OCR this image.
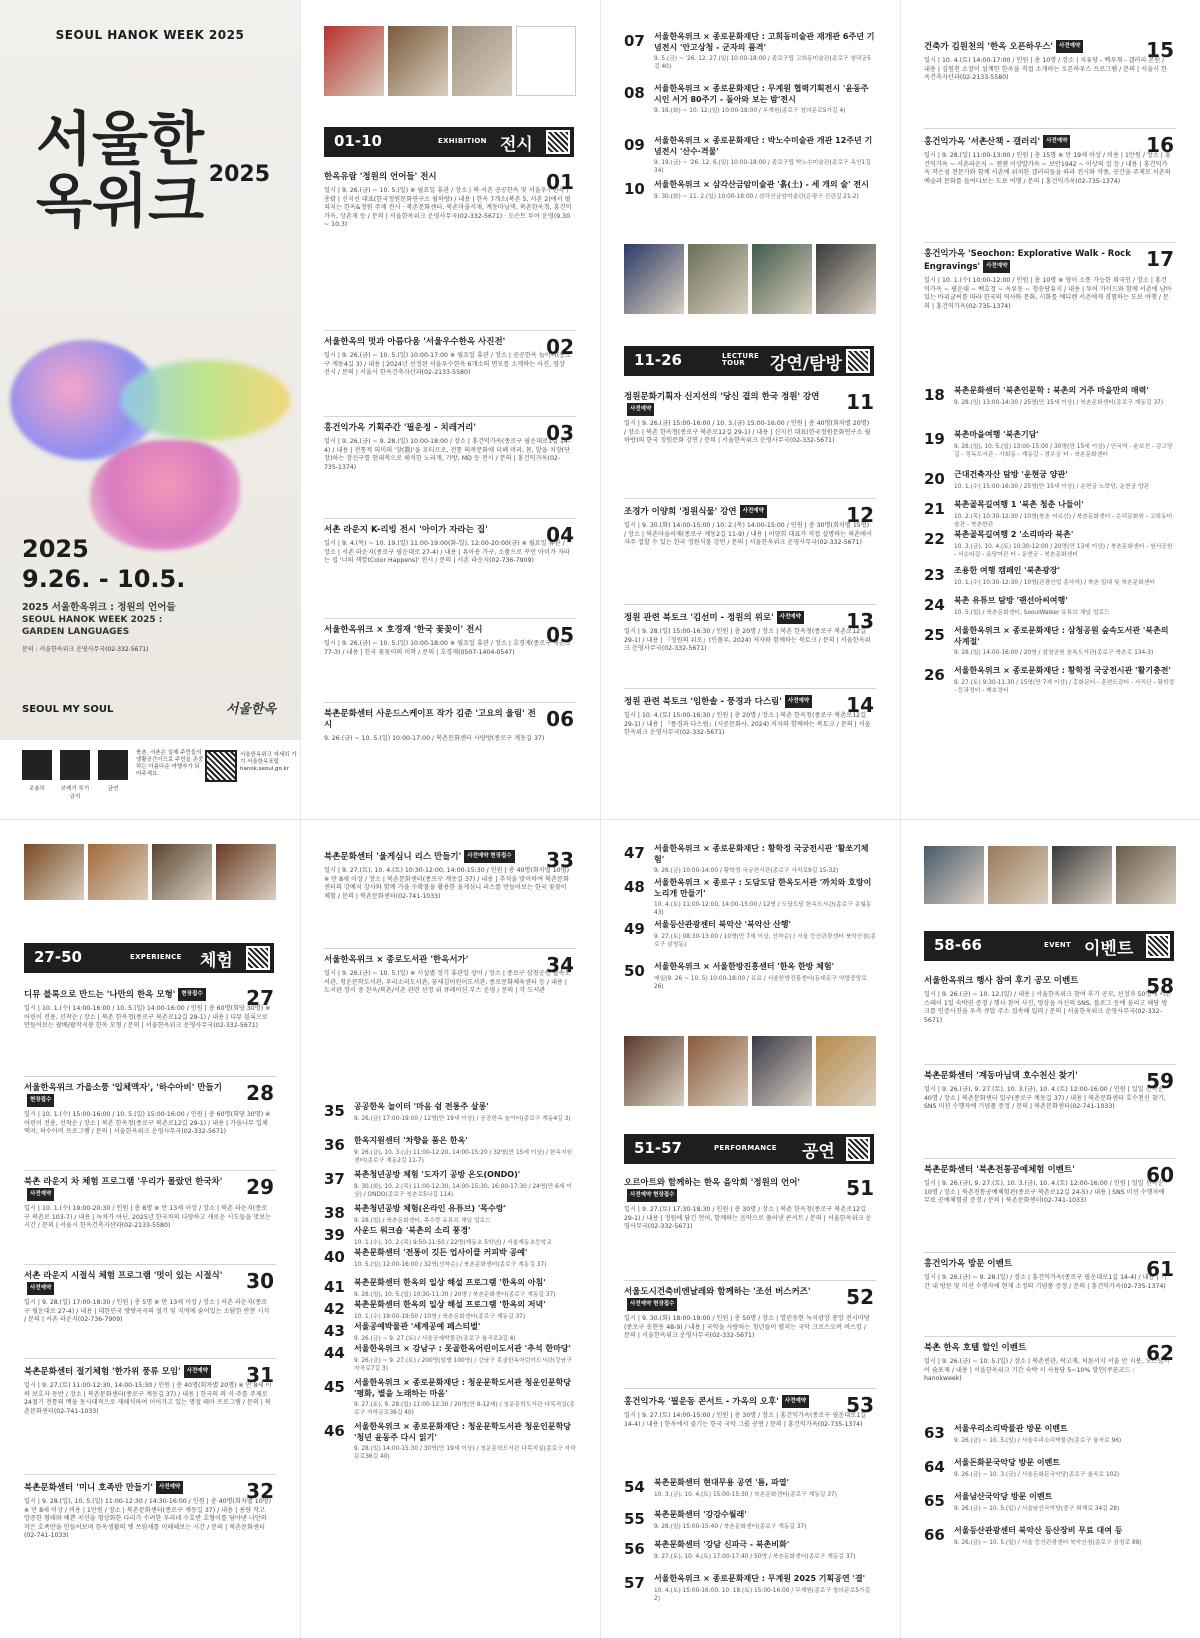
SEOUL HANOK WEEK 2025
서울한옥위크 2025
2025
9.26. - 10.5.
2025 서울한옥위크 : 정원의 언어들
SEOUL HANOK WEEK 2025 :
GARDEN LANGUAGES
문의 : 서울한옥위크 운영사무국(02-332-5671)
SEOUL MY SOUL	서울한옥
조용히	쓰레기 투기 금지
금연
북촌, 서촌은 실제 주민들의 생활공간이므로 주민을 존중하는 아름다운 여행자가 되어주세요.
서울한옥위크 자세히 가기 서울한옥포털 hanok.seoul.go.kr
01-10	EXHIBITION 전시
01
한옥유람 '정원의 언어들' 전시
일시 | 9. 26.(금) ~ 10. 5.(일) ※ 월요일 휴관 / 장소 | 북·서촌 공공한옥 및 서울우수한옥 / 총괄 | 신지선 대표(한국정원문화연구소 월하랑) / 내용 | 한옥 7개소(북촌 5, 서촌 2)에서 펼쳐지는 한옥&정원 주제 전시 · 북촌문화센터, 북촌마을서재, 계동마님댁, 북촌한옥청, 홍건익가옥, 상촌재 등 / 문의 | 서울한옥위크 운영사무국(02-332-5671) · 도슨트 투어 운영(9.30 ~ 10.3)
02
서울한옥의 멋과 아름다움 '서울우수한옥 사진전'
일시 | 9. 26.(금) ~ 10. 5.(일) 10:00-17:00 ※ 월요일 휴관 / 장소 | 공공한옥 놀이터(종로구 계동4길 3) / 내용 | 2024년 선정된 서울우수한옥 6개소의 면모를 소개하는 사진, 영상 전시 / 문의 | 서울시 한옥건축자산과(02-2133-5580)
03
홍건익가옥 기획주간 '필운정 - 치레거리'
일시 | 9. 26.(금) ~ 9. 28.(일) 10:00-18:00 / 장소 | 홍건익가옥(종로구 필운대로1길 14-4) / 내용 | 전통적 의미의 '장(醬)'을 모티프로, 전통 의복문화에 더해 머리, 몸, 발을 치장(단장)하는 장신구를 현대적으로 해석한 노리개, 가방, MD 등 전시 / 문의 | 홍건익가옥(02-735-1374)
04
서촌 라운지 K-리빙 전시 '아이가 자라는 집'
일시 | 9. 4.(목) ~ 10. 19.(일) 11:00-19:00(화-일), 12:00-20:00(금) ※ 월요일 휴관 / 장소 | 서촌 라운지(종로구 필운대로 27-4) / 내용 | 유아용 가구, 소품으로 꾸민 아이가 자라는 집 '너의 색깔(Color Happens)' 전시 / 문의 | 서촌 라운지(02-736-7909)
05
서울한옥위크 × 호경재 '한국 꽃꽂이' 전시
일시 | 9. 26.(금) ~ 10. 5.(일) 10:00-18:00 ※ 월요일 휴관 / 장소 | 호경재(종로구 북촌로 77-3) / 내용 | 한국 꽃꽂이의 미학 / 문의 | 호경재(0507-1404-0547)
06
북촌문화센터 사운드스케이프 작가 김준 '고요의 울림' 전시
9. 26.(금) ~ 10. 5.(일) 10:00-17:00 / 북촌문화센터 사랑방(종로구 계동길 37)
07 서울한옥위크 × 종로문화재단 : 고희동미술관 재개관 6주년 기념전시 '안고상청 - 군자의 품격'
9. 5.(금) ~ '26. 12. 27.(일) 10:00-18:00 / 종로구립 고희동미술관(종로구 창덕궁5길 40)
08 서울한옥위크 × 종로문화재단 : 무계원 협력기획전시 '윤동주 시인 서거 80주기 - 돌아와 보는 밤'전시
9. 16.(화) ~ 10. 12.(일) 10:00-18:00 / 무계원(종로구 창의문로5가길 4)
09 서울한옥위크 × 종로문화재단 : 박노수미술관 개관 12주년 기념전시 '산수·격물'
9. 19.(금) ~ '26. 12. 6.(일) 10:00-18:00 / 종로구립 박노수미술관(종로구 옥인1길 34)
10 서울한옥위크 × 삼각산금암미술관 '흙(土) - 세 개의 술' 전시
9. 30.(화) ~ 11. 2.(일) 10:00-18:00 / 삼각산금암미술관(은평구 진관길 21-2)
11-26	LECTURE TOUR	강연/탐방
11
정원문화기획자 신지선의 '당신 곁의 한국 정원' 강연사전예약
일시 | 9. 26.(금) 15:00-16:00 / 10. 3.(금) 15:00-16:00 / 인원 | 총 40명(회차별 20명) / 장소 | 북촌 한옥청(종로구 북촌로12길 29-1) / 내용 | 신지선 대표(한국정원문화연구소 월하랑)의 한국 정원문화 강연 / 문의 | 서울한옥위크 운영사무국(02-332-5671)
12
조경가 이양희 '정원식물' 강연 사전예약
일시 | 9. 30.(화) 14:00-15:00 / 10. 2.(목) 14:00-15:00 / 인원 | 총 30명(회차별 15명) / 장소 | 북촌마을서재(종로구 계동2길 11-9) / 내용 | 이양희 대표가 직접 설명하는 북촌에서 자주 접할 수 있는 한국 정원식물 강연 / 문의 | 서울한옥위크 운영사무국(02-332-5671)
13
정원 관련 북토크 '김선미 - 정원의 위로' 사전예약
일시 | 9. 28.(일) 15:00-16:30 / 인원 | 총 20명 / 장소 | 북촌 한옥청(종로구 북촌로12길 29-1) / 내용 | 『정원의 위로』(인플루, 2024) 저자와 함께하는 북토크 / 문의 | 서울한옥위크 운영사무국(02-332-5671)
14
정원 관련 북토크 '임한솔 - 풍경과 다스림' 사전예약
일시 | 10. 4.(토) 15:00-16:30 / 인원 | 총 20명 / 장소 | 북촌 한옥청(종로구 북촌로12길 29-1) / 내용 | 『풍경과 다스림』(시공문화사, 2024) 저자와 함께하는 북토크 / 문의 | 서울한옥위크 운영사무국(02-332-5671)
15
건축가 김원천의 '한옥 오픈하우스' 사전예약
일시 | 10. 4.(토) 14:00-17:00 / 인원 | 총 10명 / 장소 | 지유당 - 백우재 - 갤러리 몬원 / 내용 | 김원천 소장이 설계한 한옥을 직접 소개하는 오픈하우스 프로그램 / 문의 | 서울시 한옥건축자산과(02-2133-5580)
16
홍건익가옥 '서촌산책 - 갤러리' 사전예약
일시 | 9. 28.(일) 11:00-13:00 / 인원 | 총 15명 ※ 만 19세 이상 / 비용 | 1만원 / 장소 | 홍건익가옥 ~ 서촌라운지 ~ 젠젠 이상발가옥 ~ 보안1942 ~ 이상의 집 등 / 내용 | 홍건익가옥 작은섬 전문가와 함께 서촌에 위치한 갤러리들을 따라 전시와 작품, 공간을 주제로 서촌의 예술과 문화를 들여다보는 도보 여행 / 문의 | 홍건익가옥(02-735-1374)
17
홍건익가옥 'Seochon: Explorative Walk - Rock Engravings' 사전예약
일시 | 10. 1.(수) 10:00-12:00 / 인원 | 총 10명 ※ 영어 소통 가능한 외국인 / 장소 | 홍건익가옥 ~ 필운대 ~ 백호정 ~ 옥류동 ~ 청송당유지 / 내용 | 투어 가이드와 함께 서촌에 남아있는 바위글씨를 따라 한국의 역사와 문화, 시화를 예디렌 서촌에게 경험하는 도보 여행 / 문의 | 홍건익가옥(02-735-1374)
18 북촌문화센터 '북촌인문학 : 북촌의 거주 마을만의 매력'
9. 28.(일) 13:00-14:30 / 25명(만 15세 이상) / 북촌문화센터(종로구 계동길 37)
19 북촌마을여행 '북촌기담'
9. 28.(일), 10. 5.(일) 13:00-15:00 / 30명(만 15세 이상) / 안국역 - 윤보선 - 감고당길 - 정독도서관 - 가회동 - 계동길 - 경우궁 터 - 북촌문화센터
20 근대건축자산 탐방 '운현궁 양관'
10. 1.(수) 15:00-16:30 / 25명(만 15세 이상) / 운현궁 노락당, 운현궁 양관
21 북촌골목길여행 1 '북촌 청춘 나들이'
10. 2.(목) 10:30-12:30 / 10명(북촌 어르신) / 북촌문화센터 - 은덕문화원 - 고희동미술관 - 북촌한관
22 북촌골목길여행 2 '소리따라 북촌'
10. 3.(금), 10. 4.(토) 10:30-12:00 / 20명(만 13세 이상) / 북촌문화센터 - 원서공원 - 서순라길 - 운당여관 터 - 운현궁 - 북촌문화센터
23 조용한 여행 캠페인 '북촌광장'
10. 1.(수) 10:30-12:30 / 10명(관광산업 종사자) / 북촌 일대 및 북촌문화센터
24 북촌 유튜브 탐방 '랜선아씨여행'
10. 5.(일) / 북촌문화센터, SeoulWalker 유튜브 채널 업로드
25 서울한옥위크 × 종로문화재단 : 삼청공원 숲속도서관 '북촌의 사계절'
9. 28.(일) 14:00-16:00 / 20명 / 삼청공원 숲속도서관(종로구 북촌로 134-3)
26 서울한옥위크 × 종로문화재단 : 황학정 국궁전시관 '활기충전'
9. 27.(토) 9:30-11:30 / 15명(만 7세 이상) / 홍화문터 - 훈련도감터 - 사직단 - 황학정 - 등과정터 - 백호정터
27-50	EXPERIENCE 체험
27
디뮤 블록으로 만드는 '나만의 한옥 모형' 현장접수
일시 | 10. 1.(수) 14:00-16:00 / 10. 5.(일) 14:00-16:00 / 인원 | 총 60명(회당 30명) ※ 어린이 전용, 선착순 / 장소 | 북촌 한옥청(종로구 북촌로12길 29-1) / 내용 | 디뮤 블록으로 만들어보는 팔베/팔작지붕 한옥 모형 / 문의 | 서울한옥위크 운영사무국(02-332-5671)
28
서울한옥위크 가을소풍 '입체액자', '하수아비' 만들기현장접수
일시 | 10. 1.(수) 15:00-16:00 / 10. 5.(일) 15:00-16:00 / 인원 | 총 60명(회당 30명) ※ 어린이 전용, 선착순 / 장소 | 북촌 한옥청(종로구 북촌로12길 29-1) / 내용 | 가을나무 입체액자, 허수아비 프로그램 / 문의 | 서울한옥위크 운영사무국(02-332-5671)
29
북촌 라운지 차 체험 프로그램 '우리가 몰랐던 한국차'사전예약
일시 | 10. 1.(수) 19:00-20:30 / 인원 | 총 8명 ※ 만 13세 이상 / 장소 | 북촌 라운지(종로구 북촌로 103-7) / 내용 | 녹차가 아닌, 2025년 한국차의 다양하고 새로운 시도들을 맛보는 시간 / 문의 | 서울시 한옥건축자산과(02-2133-5580)
30
서촌 라운지 시절식 체험 프로그램 '멋이 있는 시절식'사전예약
일시 | 9. 28.(일) 17:00-18:30 / 인원 | 총 5명 ※ 만 13세 이상 / 장소 | 서촌 라운지(종로구 필운대로 27-4) / 내용 | 대한민국 방방곡곡의 절기 및 지역에 숨어있는 소담한 반찬 시식 / 문의 | 서촌 라운지(02-736-7909)
31
북촌문화센터 절기체험 '한가위 풍류 모임' 사전예약
일시 | 9. 27.(토) 11:00-12:30, 14:00-15:30 / 인원 | 총 40명(회차별 20명) ※ 만 8세 이하 보호자 동반 / 장소 | 북촌문화센터(종로구 계동길 37) / 내용 | 한국의 의·식·주를 주제로 24절기 전통의 맥을 동시대적으로 재해석하여 이어가고 있는 명절 테마 프로그램 / 문의 | 북촌문화센터(02-741-1033)
32
북촌문화센터 '미니 호족반 만들기' 사전예약
일시 | 9. 28.(일), 10. 5.(일) 11:00-12:30 / 14:30-16:00 / 인원 | 총 40명(회차별 10명) ※ 만 8세 이상 / 비용 | 1만원 / 장소 | 북촌문화센터(종로구 계동길 37) / 내용 | 용량 작고 앙증한 형태와 예쁜 곡선을 형상화한 다리가 수려한 우리네 수호반 호형이를 담아낸 나만의 작은 호족반을 만들어보며 한옥생활의 옛 쓰임새를 이해해보는 시간 / 문의 | 북촌문화센터(02-741-1033)
33
북촌문화센터 '울게심니 리스 만들기' 사전예약 현장접수
일시 | 9. 27.(토), 10. 4.(토) 10:30-12:00, 14:00-15:30 / 인원 | 총 40명(회차별 10명) ※ 만 8세 이상 / 장소 | 북촌문화센터(종로구 계동길 37) / 내용 | 추석을 맞이하여 북촌문화센터의 강예지 강사와 함께 가을 수확물을 활용한 울게심니 리스를 만들어보는 한국 꽃꽂이 체험 / 문의 | 북촌문화센터(02-741-1033)
34
서울한옥위크 × 종로도서관 '한옥서가'
일시 | 9. 26.(금) ~ 10. 5.(일) ※ 시설별 정기 휴관일 상이 / 장소 | 종로구 삼청공원 숲속도서관, 청운문학도서관, 우리소리도서관, 꿈새김어린이도서관, 종로문화체육센터 등 / 내용 | 도서관 장서 중 한옥/북촌/서촌 관련 선정 위 큐레이션 부스 운영 / 문의 | 각 도서관
35 공공한옥 놀이터 '마음 쉼 전통주 살롱'
9. 26.(금) 17:00-19:00 / 12명(만 19세 이상) / 공공한옥 놀이터(종로구 계동4길 3)
36 한옥지원센터 '차향을 품은 한옥'
9. 26.(금), 10. 3.(금) 11:00-12:20, 14:00-15:20 / 32명(만 15세 이상) / 한옥지원센터(종로구 계동2길 11-7)
37 북촌청년공방 체험 '도자기 공방 온도(ONDO)'
9. 30.(화), 10. 2.(목) 11:00-12:30, 14:00-15:30, 16:00-17:30 / 24명(만 6세 이상) / ONDO(종로구 북촌로5나길 114)
38 북촌청년공방 체험(온라인 유튜브) '목수랑'
9. 28.(일) / 북촌문화센터, 목수랑 유튜브 채널 업로드
39 사운드 워크숍 '북촌의 소리 풍경'
10. 1.(수), 10. 2.(목) 9:50-11:50 / 22명(재동초 5학년) / 서울재동초등학교
40 북촌문화센터 '전통이 깃든 업사이클 커피박 공예'
10. 5.(일) 12:00-16:00 / 32명(선착순) / 북촌문화센터(종로구 계동길 37)
41 북촌문화센터 한옥의 일상 해설 프로그램 '한옥의 아침'
9. 28.(일), 10. 5.(일) 10:30-11:30 / 20명 / 북촌문화센터(종로구 계동길 37)
42 북촌문화센터 한옥의 일상 해설 프로그램 '한옥의 저녁'
10. 1.(수) 19:00-19:50 / 10명 / 북촌문화센터(종로구 계동길 37)
43 서울공예박물관 '세계공예 페스티벌'
9. 26.(금) ~ 9. 27.(토) / 서울공예박물관(종로구 율곡로3길 4)
44 서울한옥위크 × 강남구 : 못골한옥어린이도서관 '추석 한마당'
9. 26.(금) ~ 9. 27.(토) / 200명(일별 100명) / 강남구 못골한옥어린이도서관(강남구 자곡로7길 3)
45 서울한옥위크 × 종로문화재단 : 청운문학도서관 청운인문학당 '평화, 별을 노래하는 마음'
9. 27.(토), 9. 28.(일) 11:00-12:30 / 20명(만 9-12세) / 청운문학도서관 다목적실(종로구 자하문로36길 40)
46 서울한옥위크 × 종로문화재단 : 청운문학도서관 청운인문학당 '청년 윤동주 다시 읽기'
9. 28.(일) 14:00-15:30 / 30명(만 19세 이상) / 청운문학도서관 다목적실(종로구 자하문로36길 40)
47 서울한옥위크 × 종로문화재단 : 황학정 국궁전시관 '활쏘기체험'
9. 26.(금) 10:00-14:00 / 황학정 국궁전시관(종로구 사직로9길 15-32)
48 서울한옥위크 × 종로구 : 도담도담 한옥도서관 '까치와 호랑이 노리개 만들기'
10. 4.(토) 11:00-12:00, 14:00-15:00 / 12명 / 도담도담 한옥도서관(종로구 송월동 43)
49 서울등산관광센터 북악산 '북악산 산행'
9. 27.(토) 08:30-13:00 / 10명(만 7세 이상, 선착순) / 서울 등산관광센터 북악산점(종로구 삼청동)
50 서울한옥위크 × 서울한방진흥센터 '한옥 한방 체험'
매일(9. 26 ~ 10. 5) 10:00-18:00 / 유료 / 서울한방진흥센터(동대문구 약령중앙로 26)
51-57	PERFORMANCE 공연
51
오르아트와 함께하는 한옥 음악회 '정원의 언어'사전예약 현장접수
일시 | 9. 27.(토) 17:30-18:30 / 인원 | 총 30명 / 장소 | 북촌 한옥청(종로구 북촌로12길 29-1) / 내용 | 정원에 담긴 언어, 함께하는 음악으로 풀어낸 콘서트 / 문의 | 서울한옥위크 운영사무국(02-332-5671)
52
서울도시건축비엔날레와 함께하는 '조선 버스커즈'사전예약 현장접수
일시 | 9. 30.(화) 18:00-19:00 / 인원 | 총 50명 / 장소 | 열린송현 녹지광장 중앙 전시마당(종로구 송현동 48-9) / 내용 | 국악을 사랑하는 청년들이 펼치는 국악 크로스오버 버스킹 / 문의 | 서울한옥위크 운영사무국(02-332-5671)
53
홍건익가옥 '필운동 콘서트 - 가옥의 오후' 사전예약
일시 | 9. 27.(토) 14:00-15:00 / 인원 | 총 30명 / 장소 | 홍건익가옥(종로구 필운대로1길 14-4) / 내용 | 한옥에서 즐기는 한국 국악 그룹 공연 / 문의 | 홍건익가옥(02-735-1374)
54 북촌문화센터 현대무용 공연 '틈, 파열'
10. 3.(금), 10. 4.(토) 15:00-15:30 / 북촌문화센터(종로구 계동길 37)
55 북촌문화센터 '강강수월래'
9. 28.(일) 15:00-15:40 / 북촌문화센터(종로구 계동길 37)
56 북촌문화센터 '강담 신파극 - 북촌비화'
9. 27.(토), 10. 4.(토) 17:00-17:40 / 50명 / 북촌문화센터(종로구 계동길 37)
57 서울한옥위크 × 종로문화재단 : 무계원 2025 기획공연 '결'
10. 4.(토) 15:00-16:00, 10. 18.(토) 15:00-16:00 / 무계원(종로구 창의문로5가길 2)
58-66	EVENT 이벤트
58
서울한옥위크 행사 참여 후기 공모 이벤트
일시 | 9. 26.(금) ~ 10. 12.(일) / 내용 | 서울한옥위크 참여 후기 공모, 선정자 50명에 서촌 스테이 1일 숙박권 증정 / 행사 참여 사진, 영상을 자신의 SNS, 블로그 등에 올리고 해당 링크를 인증사진을 우측 큐알 주소 접속해 입력 / 문의 | 서울한옥위크 운영사무국(02-332-5671)
59
북촌문화센터 '계동마님댁 호수천신 찾기'
일시 | 9. 26.(금), 9. 27.(토), 10. 3.(금), 10. 4.(토) 12:00-16:00 / 인원 | 일일 선착순 40명 / 장소 | 북촌문화센터 입구(종로구 계동길 37) / 내용 | 북촌문화센터 호수천신 찾기, SNS 미션 수행자에 기념품 증정 / 문의 | 북촌문화센터(02-741-1033)
60
북촌문화센터 '북촌전통공예체험 이벤트'
일시 | 9. 26.(금), 9. 27.(토), 10. 3.(금), 10. 4.(토) 12:00-16:00 / 인원 | 일일 선착순 10명 / 장소 | 북촌전통공예체험관(종로구 북촌로12길 24-5) / 내용 | SNS 미션 수행자에 무료 공예체험권 증정 / 문의 | 북촌문화센터(02-741-1033)
61
홍건익가옥 방문 이벤트
일시 | 9. 26.(금) ~ 9. 28.(일) / 장소 | 홍건익가옥(종로구 필운대로1길 14-4) / 내용 | 기간 내 방문 및 미션 수행자에 현재 소정의 기념품 증정 / 문의 | 홍건익가옥(02-735-1374)
62
북촌 한옥 호텔 할인 이벤트
일시 | 9. 26.(금) ~ 10. 5.(일) / 장소 | 북촌빈관, 락고재, 허튼서지 서울 안 지붕, 노스탤지어 숨포재 / 내용 | 서울한옥위크 기간 숙박 시 사용당 5~10% 할인(쿠폰코드 : hanokweek)
63 서울우리소리박물관 방문 이벤트
9. 26.(금) ~ 10. 5.(일) / 서울우리소리박물관(종로구 율곡로 96)
64 서울돈화문국악당 방문 이벤트
9. 26.(금) ~ 10. 3.(금) / 서울돈화문국악당(종로구 율곡로 102)
65 서울남산국악당 방문 이벤트
9. 26.(금) ~ 10. 5.(일) / 서울남산국악당(중구 퇴계로 34길 28)
66 서울등산관광센터 북악산 등산장비 무료 대여 등
9. 26.(금) ~ 10. 5.(일) / 서울 등산관광센터 북악산점(종로구 삼청로 88)
